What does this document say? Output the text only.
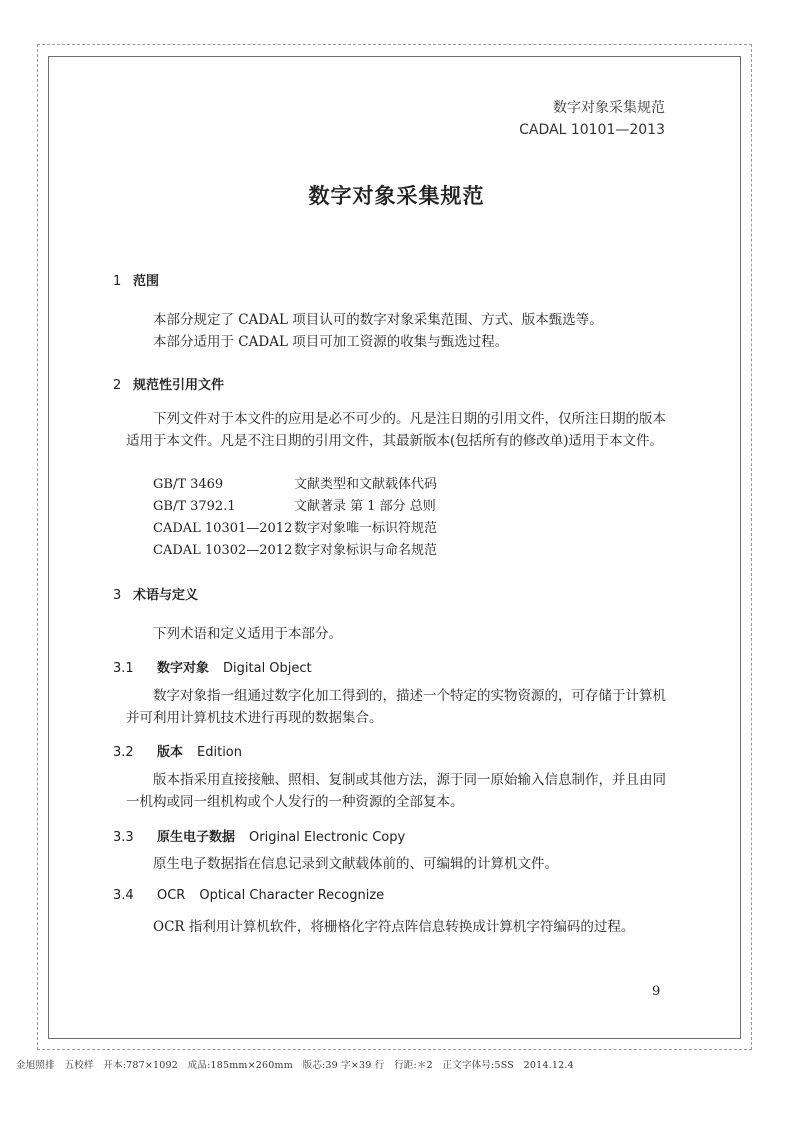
数字对象采集规范
CADAL 10101—2013
数字对象采集规范
1 范围
本部分规定了 CADAL 项目认可的数字对象采集范围、方式、版本甄选等。
本部分适用于 CADAL 项目可加工资源的收集与甄选过程。
2 规范性引用文件
下列文件对于本文件的应用是必不可少的。凡是注日期的引用文件，仅所注日期的版本适用于本文件。凡是不注日期的引用文件，其最新版本(包括所有的修改单)适用于本文件。
GB/T 3469	文献类型和文献载体代码
GB/T 3792.1	文献著录 第 1 部分 总则
CADAL 10301—2012 数字对象唯一标识符规范
CADAL 10302—2012 数字对象标识与命名规范
3 术语与定义
下列术语和定义适用于本部分。
3.1 数字对象 Digital Object
数字对象指一组通过数字化加工得到的，描述一个特定的实物资源的，可存储于计算机并可利用计算机技术进行再现的数据集合。
3.2 版本 Edition
版本指采用直接接触、照相、复制或其他方法，源于同一原始输入信息制作，并且由同一机构或同一组机构或个人发行的一种资源的全部复本。
3.3 原生电子数据 Original Electronic Copy
原生电子数据指在信息记录到文献载体前的、可编辑的计算机文件。
3.4 OCR Optical Character Recognize
OCR 指利用计算机软件，将栅格化字符点阵信息转换成计算机字符编码的过程。
9
金旭照排　五校样　开本:787×1092　成品:185mm×260mm　版芯:39 字×39 行　行距:＊2　正文字体号:5SS　2014.12.4
